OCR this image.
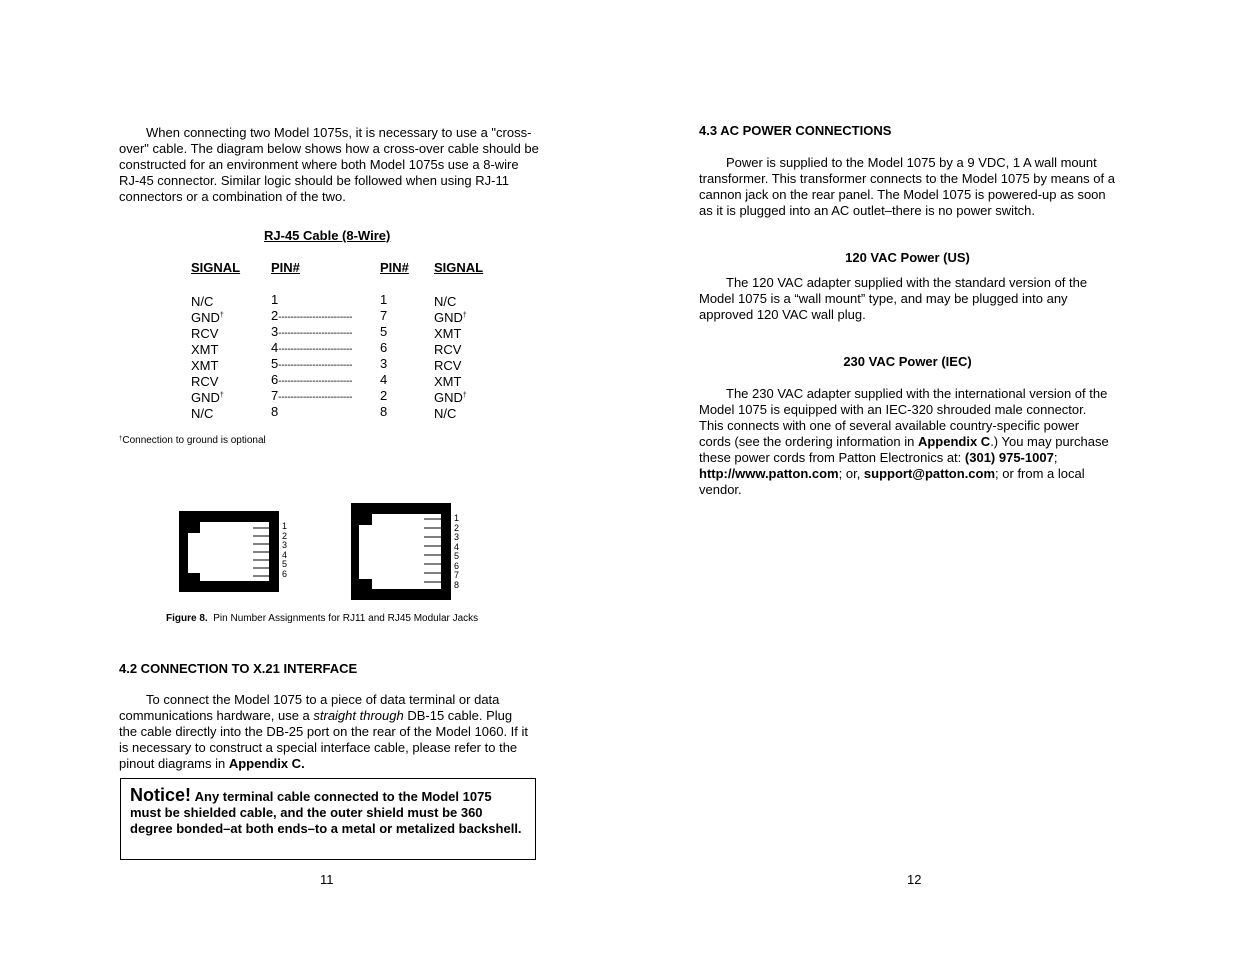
When connecting two Model 1075s, it is necessary to use a "cross-over" cable. The diagram below shows how a cross-over cable should be constructed for an environment where both Model 1075s use a 8-wire RJ-45 connector. Similar logic should be followed when using RJ-11 connectors or a combination of the two.

RJ-45 Cable (8-Wire)
SIGNAL PIN#	PIN# SIGNAL
N/C	1	1	N/C
GND†	2------------------------ 7	GND†
RCV	3------------------------ 5	XMT
XMT	4------------------------ 6	RCV
XMT	5------------------------ 3	RCV
RCV	6------------------------ 4	XMT
GND†	7------------------------ 2	GND†
N/C	8	8	N/C
†Connection to ground is optional
1
2
3
4
5
6
1
2
3
4
5
6
7
8
Figure 8. Pin Number Assignments for RJ11 and RJ45 Modular Jacks
4.2 CONNECTION TO X.21 INTERFACE

To connect the Model 1075 to a piece of data terminal or data communications hardware, use a straight through DB-15 cable. Plug the cable directly into the DB-25 port on the rear of the Model 1060. If it is necessary to construct a special interface cable, please refer to the pinout diagrams in Appendix C.

Notice! Any terminal cable connected to the Model 1075 must be shielded cable, and the outer shield must be 360 degree bonded–at both ends–to a metal or metalized backshell.

11
4.3 AC POWER CONNECTIONS

Power is supplied to the Model 1075 by a 9 VDC, 1 A wall mount transformer. This transformer connects to the Model 1075 by means of a cannon jack on the rear panel. The Model 1075 is powered-up as soon as it is plugged into an AC outlet–there is no power switch.

120 VAC Power (US)

The 120 VAC adapter supplied with the standard version of the Model 1075 is a “wall mount” type, and may be plugged into any approved 120 VAC wall plug.

230 VAC Power (IEC)

The 230 VAC adapter supplied with the international version of the Model 1075 is equipped with an IEC-320 shrouded male connector. This connects with one of several available country-specific power cords (see the ordering information in Appendix C.) You may purchase these power cords from Patton Electronics at: (301) 975-1007; http://www.patton.com; or, support@patton.com; or from a local vendor.

12
